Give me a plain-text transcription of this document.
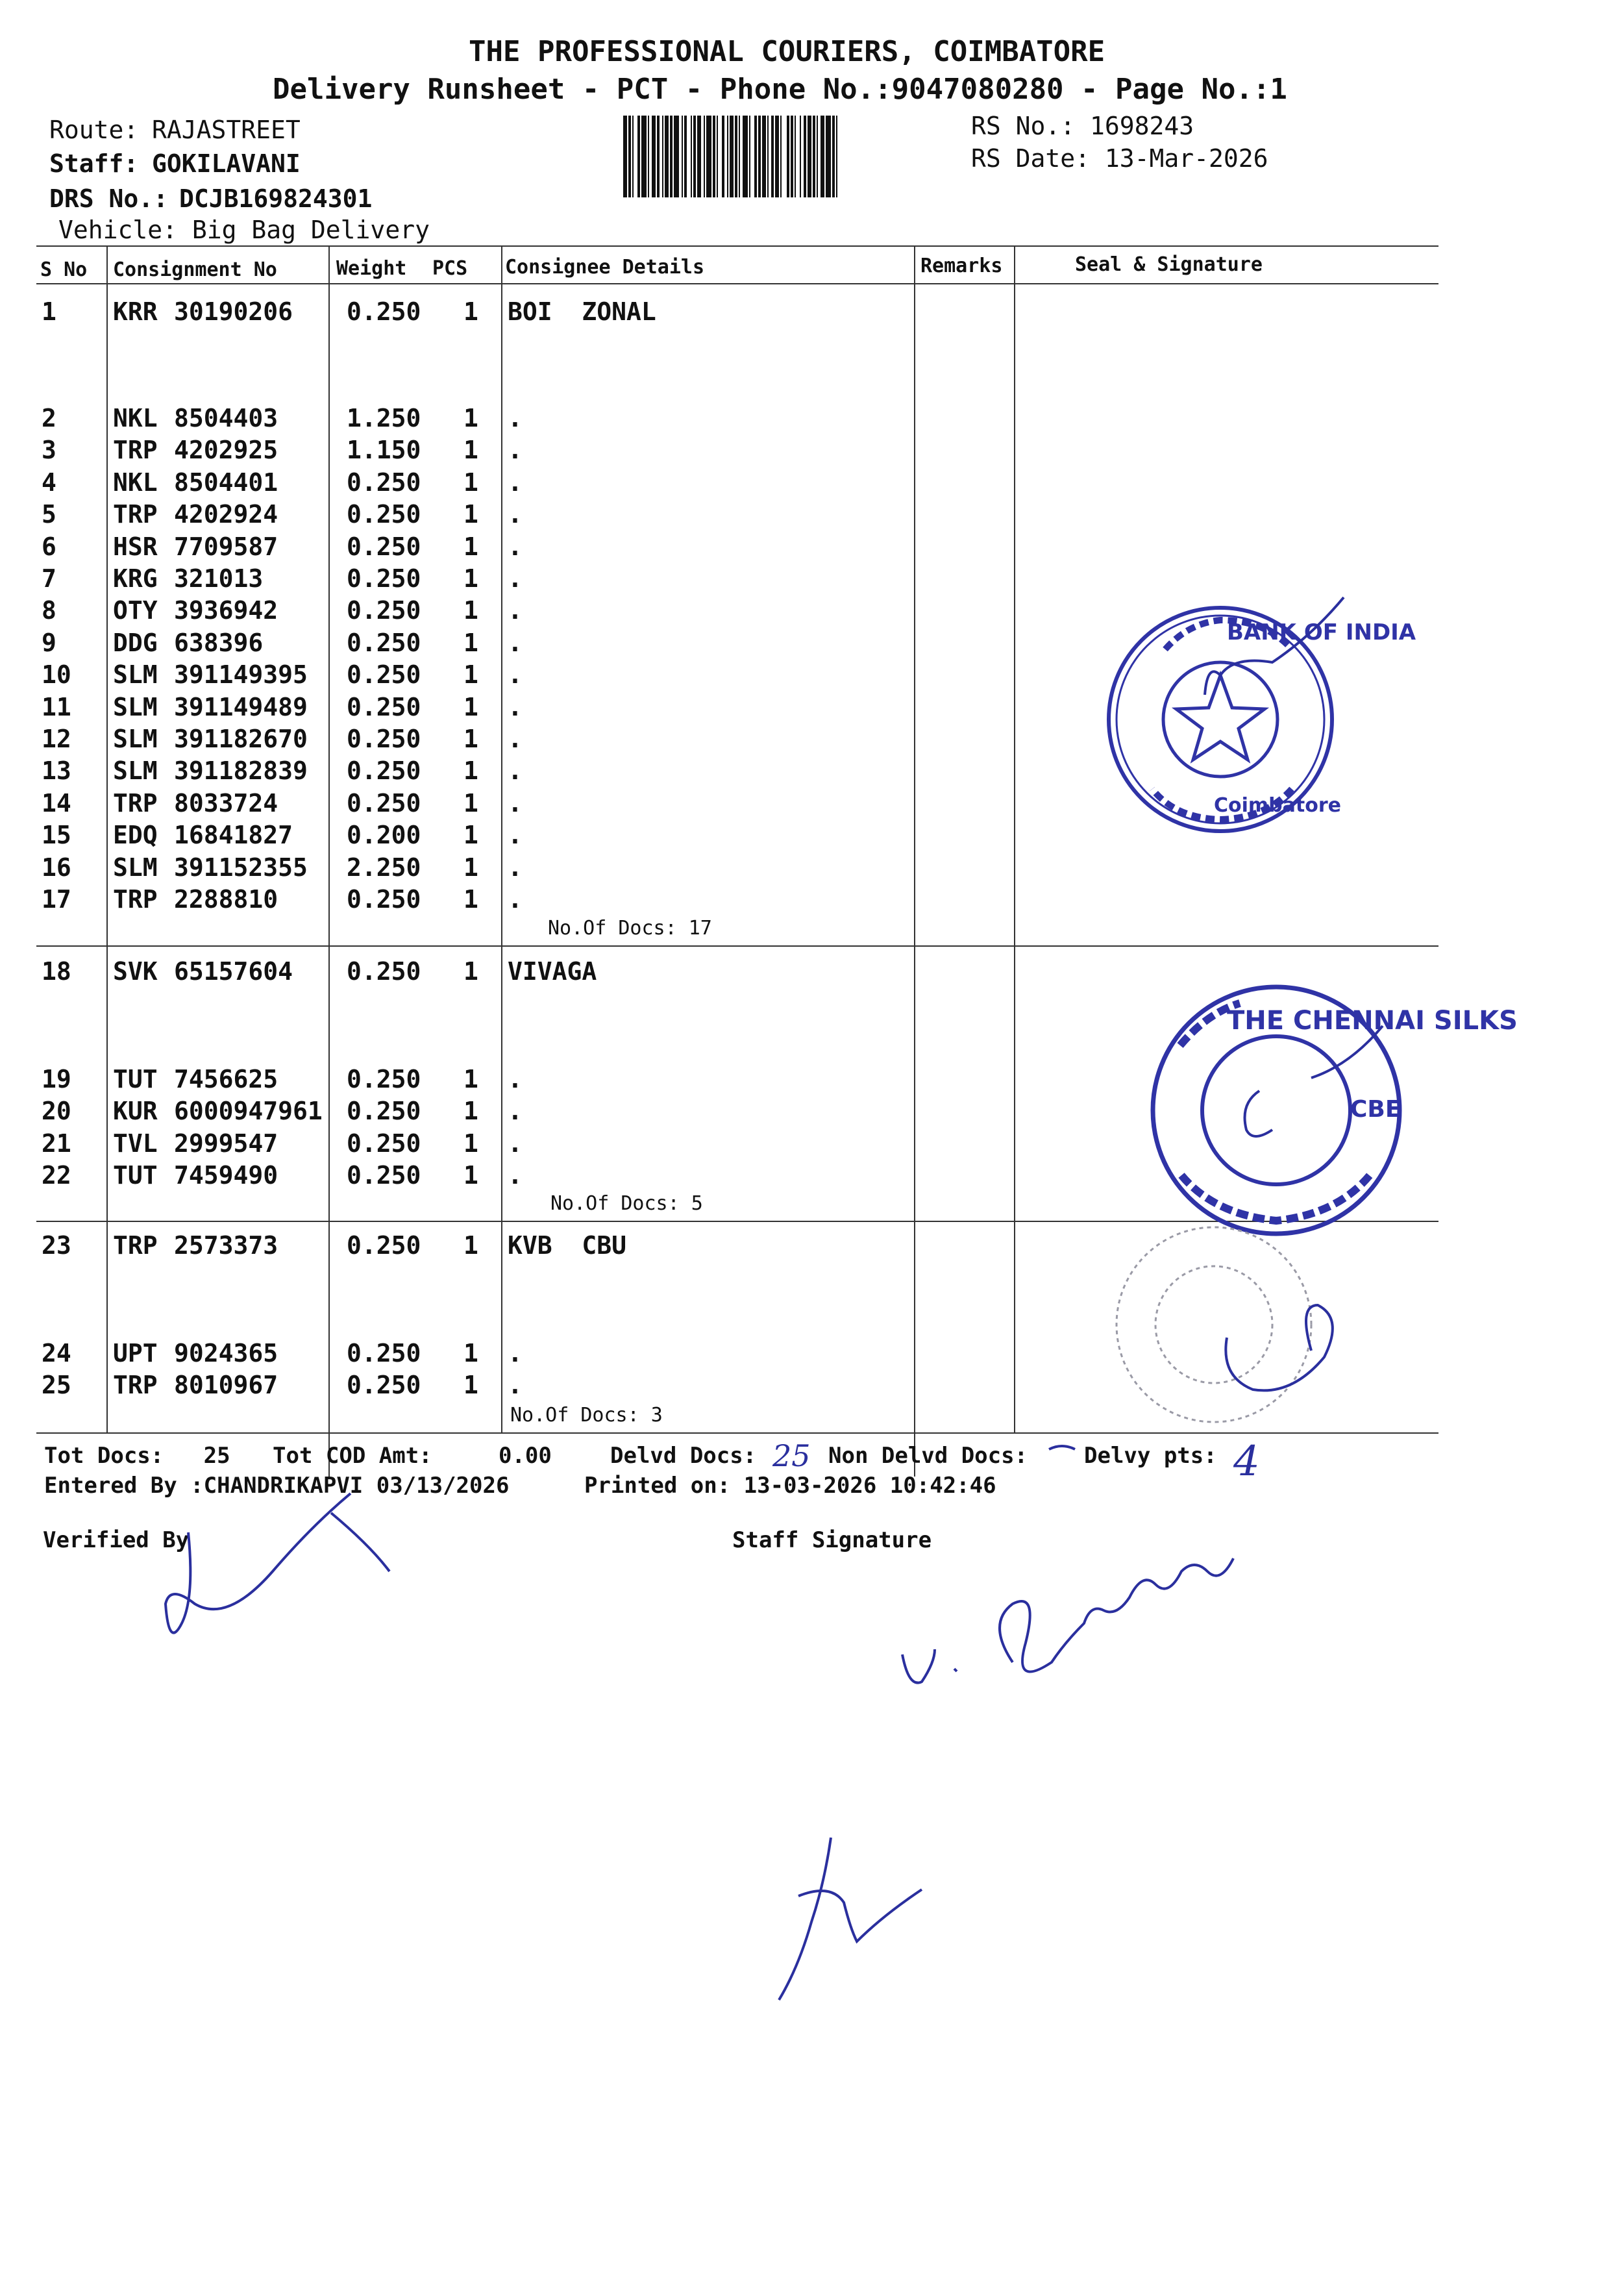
THE PROFESSIONAL COURIERS, COIMBATORE
Delivery Runsheet - PCT - Phone No.:9047080280 - Page No.:1
Route: RAJASTREET
Staff: GOKILAVANI
DRS No.: DCJB169824301
Vehicle: Big Bag Delivery
RS No.: 1698243
RS Date: 13-Mar-2026
S No Consignment No	Weight PCS Consignee Details	Remarks	Seal & Signature
1 KRR 30190206 0.250 1 BOI  ZONAL
2 NKL 8504403	1.250 1 .
3 TRP 4202925	1.150 1 .
4 NKL 8504401	0.250 1 .
5 TRP 4202924	0.250 1 .
6 HSR 7709587	0.250 1 .
7 KRG 321013	0.250 1 .
8 OTY 3936942	0.250 1 .
9 DDG 638396	0.250 1 .
10 SLM 391149395 0.250 1 .
11 SLM 391149489 0.250 1 .
12 SLM 391182670 0.250 1 .
13 SLM 391182839 0.250 1 .
14 TRP 8033724	0.250 1 .
15 EDQ 16841827 0.200 1 .
16 SLM 391152355 2.250 1 .
17 TRP 2288810	0.250 1 .
18 SVK 65157604 0.250 1 VIVAGA
19 TUT 7456625	0.250 1 .
20 KUR 6000947961 0.250 1 .
21 TVL 2999547	0.250 1 .
22 TUT 7459490	0.250 1 .
23 TRP 2573373	0.250 1 KVB  CBU
24 UPT 9024365	0.250 1 .
25 TRP 8010967	0.250 1 .
No.Of Docs: 17
No.Of Docs: 5
No.Of Docs: 3
Tot Docs:   25 Tot COD Amt:     0.00	Delvd Docs:	Non Delvd Docs:	Delvy pts:
Entered By :CHANDRIKAPVI 03/13/2026	Printed on: 13-03-2026 10:42:46
Verified By	Staff Signature
BANK OF INDIA
Coimbatore
THE CHENNAI SILKS
CBE
25	4
